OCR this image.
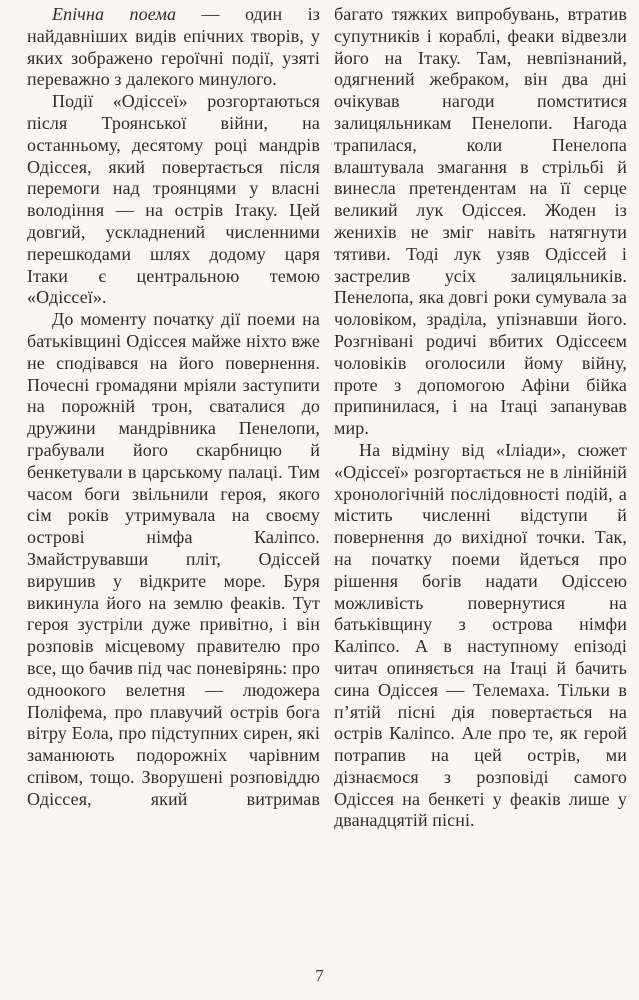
Епічна поема — один із найдавніших видів епічних творів, у яких зображено героїчні події, узяті переважно з далекого минулого.

Події «Одіссеї» розгортаються після Троянської війни, на останньому, десятому році мандрів Одіссея, який повертається після перемоги над троянцями у власні володіння — на острів Ітаку. Цей довгий, ускладнений численними перешкодами шлях додому царя Ітаки є центральною темою «Одіссеї».

До моменту початку дії поеми на батьківщині Одіссея майже ніхто вже не сподівався на його повернення. Почесні громадяни мріяли заступити на порожній трон, сваталися до дружини мандрівника Пенелопи, грабували його скарбницю й бенкетували в царському палаці. Тим часом боги звільнили героя, якого сім років утримувала на своєму острові німфа Каліпсо. Змайструвавши пліт, Одіссей вирушив у відкрите море. Буря викинула його на землю феаків. Тут героя зустріли дуже привітно, і він розповів місцевому правителю про все, що бачив під час поневірянь: про одноокого велетня — людожера Поліфема, про плавучий острів бога вітру Еола, про підступних сирен, які заманюють подорожніх чарівним співом, тощо. Зворушені розповіддю Одіссея, який витримав

багато тяжких випробувань, втратив супутників і кораблі, феаки відвезли його на Ітаку. Там, невпізнаний, одягнений жебраком, він два дні очікував нагоди помститися залицяльникам Пенелопи. Нагода трапилася, коли Пенелопа влаштувала змагання в стрільбі й винесла претендентам на її серце великий лук Одіссея. Жоден із женихів не зміг навіть натягнути тятиви. Тоді лук узяв Одіссей і застрелив усіх залицяльників. Пенелопа, яка довгі роки сумувала за чоловіком, зраділа, упізнавши його. Розгнівані родичі вбитих Одіссеєм чоловіків оголосили йому війну, проте з допомогою Афіни бійка припинилася, і на Ітаці запанував мир.

На відміну від «Іліади», сюжет «Одіссеї» розгортається не в лінійній хронологічній послідовності подій, а містить численні відступи й повернення до вихідної точки. Так, на початку поеми йдеться про рішення богів надати Одіссею можливість повернутися на батьківщину з острова німфи Каліпсо. А в наступному епізоді читач опиняється на Ітаці й бачить сина Одіссея — Телемаха. Тільки в п’ятій пісні дія повертається на острів Каліпсо. Але про те, як герой потрапив на цей острів, ми дізнаємося з розповіді самого Одіссея на бенкеті у феаків лише у дванадцятій пісні.

7
